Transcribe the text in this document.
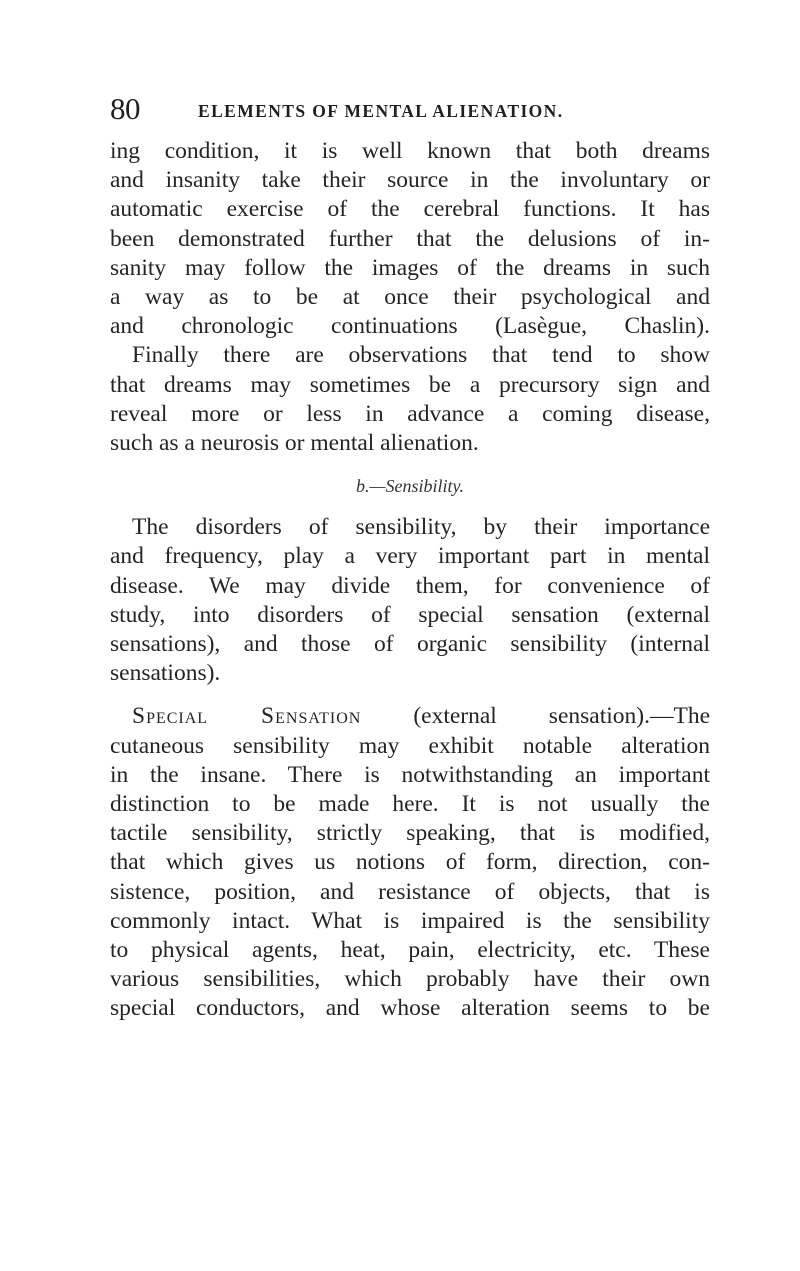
80	ELEMENTS OF MENTAL ALIENATION.
ing condition, it is well known that both dreams
and insanity take their source in the involuntary or
automatic exercise of the cerebral functions. It has
been demonstrated further that the delusions of in-
sanity may follow the images of the dreams in such
a way as to be at once their psychological and
and chronologic continuations (Lasègue, Chaslin).
Finally there are observations that tend to show
that dreams may sometimes be a precursory sign and
reveal more or less in advance a coming disease,
such as a neurosis or mental alienation.
b.—Sensibility.
The disorders of sensibility, by their importance
and frequency, play a very important part in mental
disease. We may divide them, for convenience of
study, into disorders of special sensation (external
sensations), and those of organic sensibility (internal
sensations).
Special Sensation (external sensation).—The
cutaneous sensibility may exhibit notable alteration
in the insane. There is notwithstanding an important
distinction to be made here. It is not usually the
tactile sensibility, strictly speaking, that is modified,
that which gives us notions of form, direction, con-
sistence, position, and resistance of objects, that is
commonly intact. What is impaired is the sensibility
to physical agents, heat, pain, electricity, etc. These
various sensibilities, which probably have their own
special conductors, and whose alteration seems to be
